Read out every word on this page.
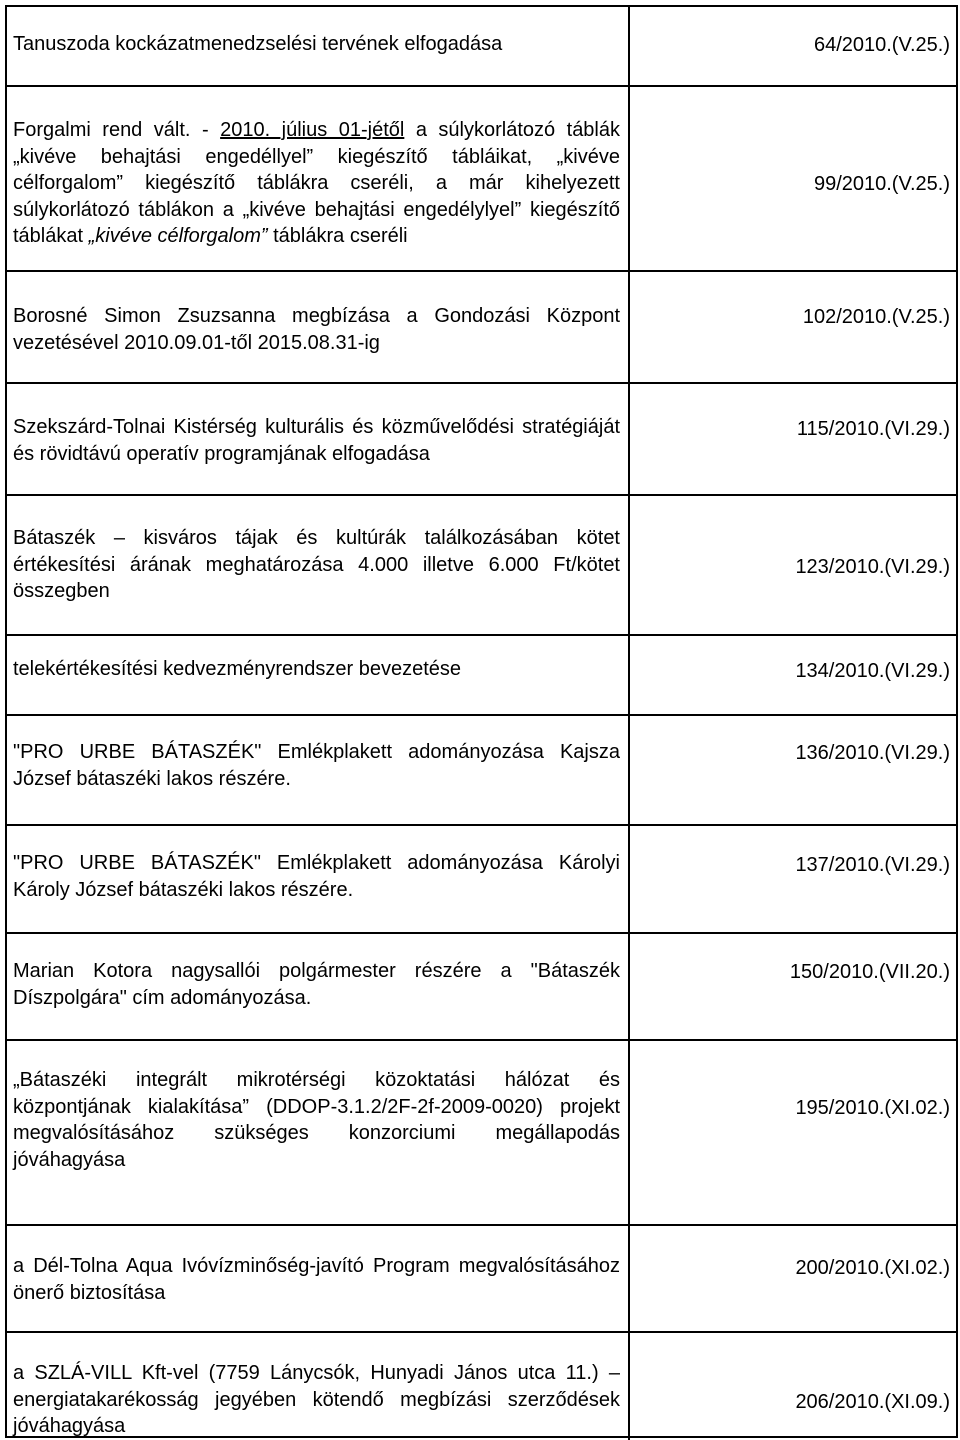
Tanuszoda kockázatmenedzselési tervének elfogadása	64/2010.(V.25.)
Forgalmi rend vált. - 2010. július 01-jétől a súlykorlátozó táblák „kivéve behajtási engedéllyel” kiegészítő tábláikat, „kivéve célforgalom” kiegészítő táblákra cseréli, a már kihelyezett súlykorlátozó táblákon a „kivéve behajtási engedélylyel” kiegészítő táblákat „kivéve célforgalom” táblákra cseréli
99/2010.(V.25.)
Borosné Simon Zsuzsanna megbízása a Gondozási Központ vezetésével 2010.09.01-től 2015.08.31-ig
102/2010.(V.25.)
Szekszárd-Tolnai Kistérség kulturális és közművelődési stratégiáját és rövidtávú operatív programjának elfogadása
115/2010.(VI.29.)
Bátaszék – kisváros tájak és kultúrák találkozásában kötet értékesítési árának meghatározása 4.000 illetve 6.000 Ft/kötet összegben
123/2010.(VI.29.)
telekértékesítési kedvezményrendszer bevezetése	134/2010.(VI.29.)
"PRO URBE BÁTASZÉK" Emlékplakett adományozása Kajsza József bátaszéki lakos részére.
136/2010.(VI.29.)
"PRO URBE BÁTASZÉK" Emlékplakett adományozása Károlyi Károly József bátaszéki lakos részére.
137/2010.(VI.29.)
Marian Kotora nagysallói polgármester részére a "Bátaszék Díszpolgára" cím adományozása.
150/2010.(VII.20.)
„Bátaszéki integrált mikrotérségi közoktatási hálózat és központjának kialakítása” (DDOP-3.1.2/2F-2f-2009-0020) projekt megvalósításához szükséges konzorciumi megállapodás jóváhagyása
195/2010.(XI.02.)
a Dél-Tolna Aqua Ivóvízminőség-javító Program megvalósításához önerő biztosítása
200/2010.(XI.02.)
a SZLÁ-VILL Kft-vel (7759 Lánycsók, Hunyadi János utca 11.) – energiatakarékosság jegyében kötendő megbízási szerződések jóváhagyása
206/2010.(XI.09.)
